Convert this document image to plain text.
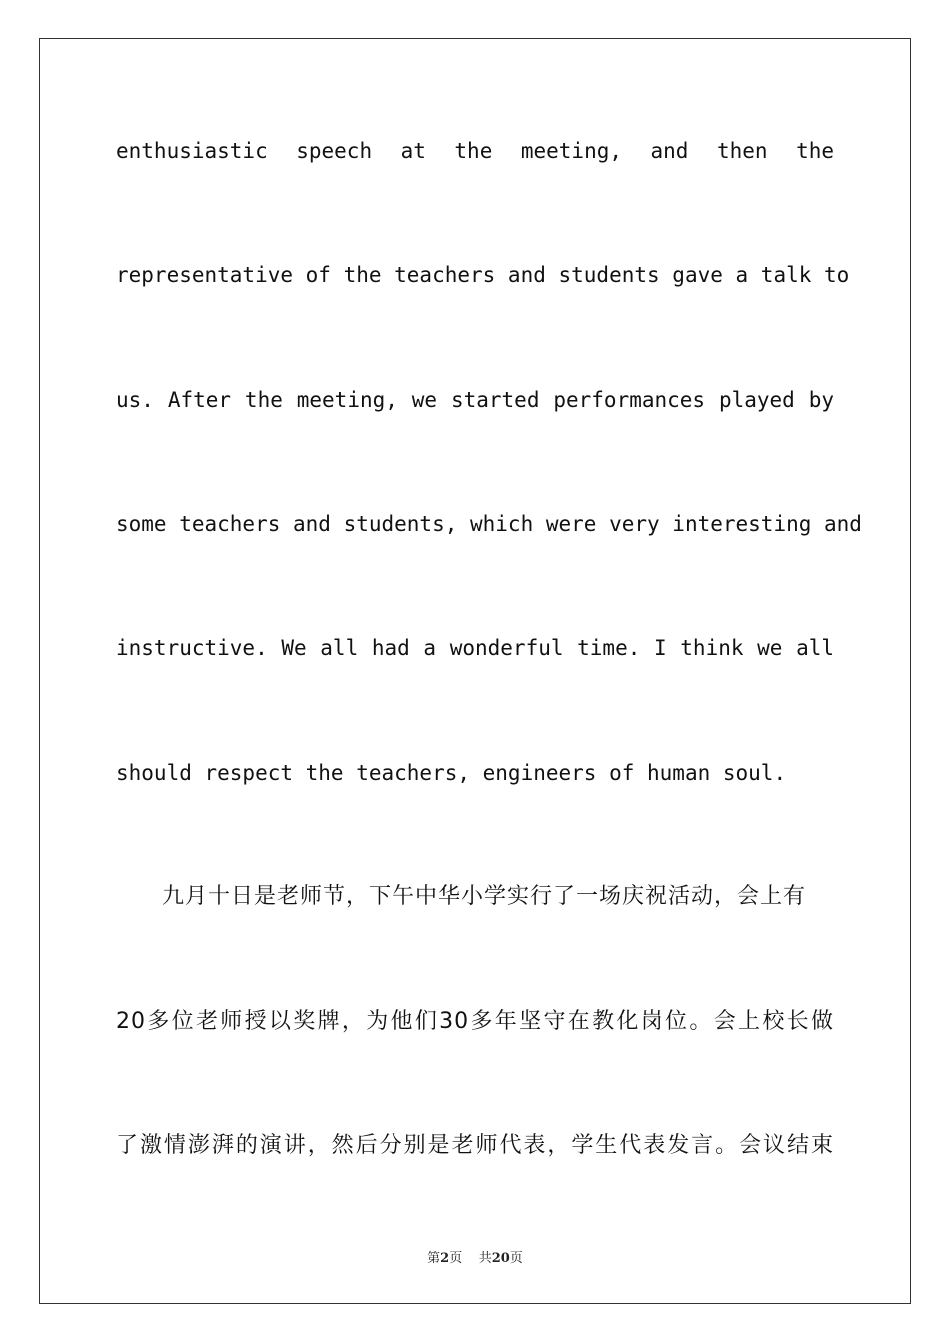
enthusiastic speech at the meeting, and then the
representative of the teachers and students gave a talk to
us. After the meeting, we started performances played by
some teachers and students, which were very interesting and
instructive. We all had a wonderful time. I think we all
should respect the teachers, engineers of human soul.
九月十日是老师节，下午中华小学实行了一场庆祝活动，会上有
20多位老师授以奖牌，为他们30多年坚守在教化岗位。会上校长做
了激情澎湃的演讲，然后分别是老师代表，学生代表发言。会议结束
第2页 共20页
